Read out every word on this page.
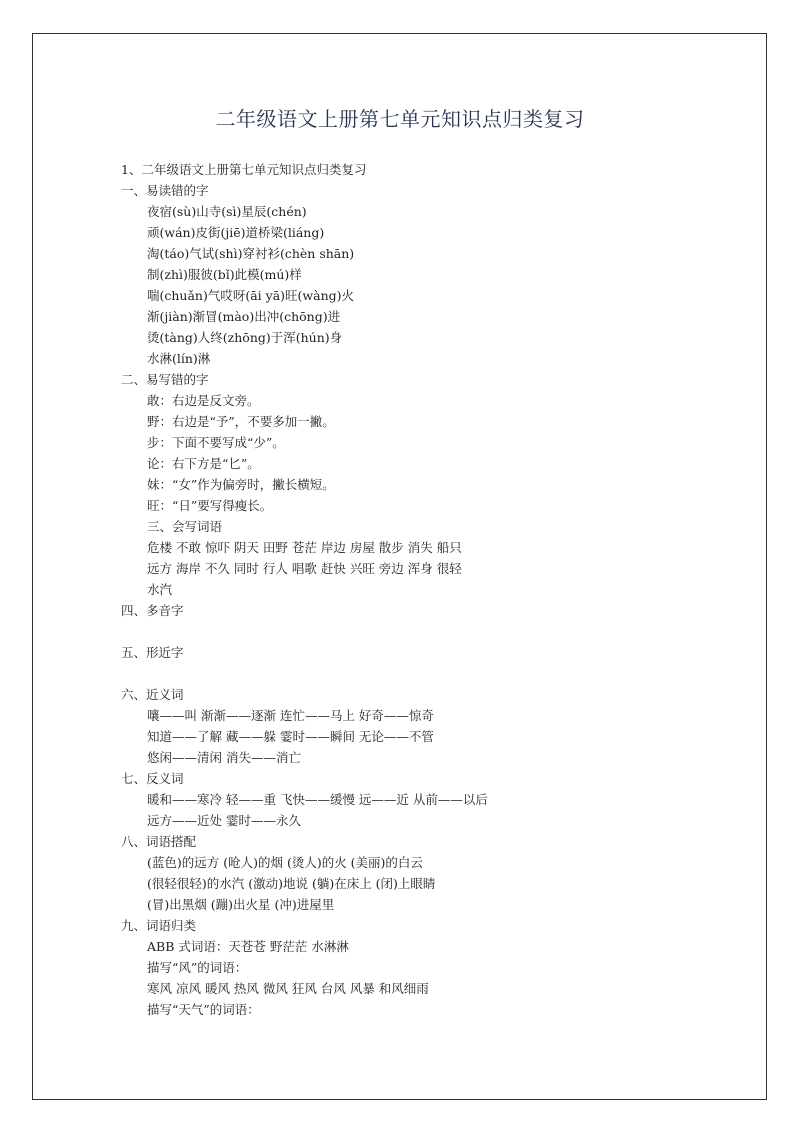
二年级语文上册第七单元知识点归类复习
1、二年级语文上册第七单元知识点归类复习
一、易读错的字
夜宿(sù)山寺(sì)星辰(chén)
顽(wán)皮街(jiē)道桥梁(liáng)
淘(táo)气试(shì)穿衬衫(chèn shān)
制(zhì)服彼(bǐ)此模(mú)样
喘(chuǎn)气哎呀(āi yā)旺(wàng)火
渐(jiàn)渐冒(mào)出冲(chōng)进
烫(tàng)人终(zhōng)于浑(hún)身
水淋(lín)淋
二、易写错的字
敢：右边是反文旁。
野：右边是“予”，不要多加一撇。
步：下面不要写成“少”。
论：右下方是“匕”。
妹：“女”作为偏旁时，撇长横短。
旺：“日”要写得瘦长。
三、会写词语
危楼 不敢 惊吓 阴天 田野 苍茫 岸边 房屋 散步 消失 船只
远方 海岸 不久 同时 行人 唱歌 赶快 兴旺 旁边 浑身 很轻
水汽
四、多音字
五、形近字
六、近义词
嚷——叫 渐渐——逐渐 连忙——马上 好奇——惊奇
知道——了解 藏——躲 霎时——瞬间 无论——不管
悠闲——清闲 消失——消亡
七、反义词
暖和——寒冷 轻——重 飞快——缓慢 远——近 从前——以后
远方——近处 霎时——永久
八、词语搭配
(蓝色)的远方 (呛人)的烟 (烫人)的火 (美丽)的白云
(很轻很轻)的水汽 (激动)地说 (躺)在床上 (闭)上眼睛
(冒)出黑烟 (蹦)出火星 (冲)进屋里
九、词语归类
ABB 式词语：天苍苍 野茫茫 水淋淋
描写“风”的词语：
寒风 凉风 暖风 热风 微风 狂风 台风 风暴 和风细雨
描写“天气”的词语：
